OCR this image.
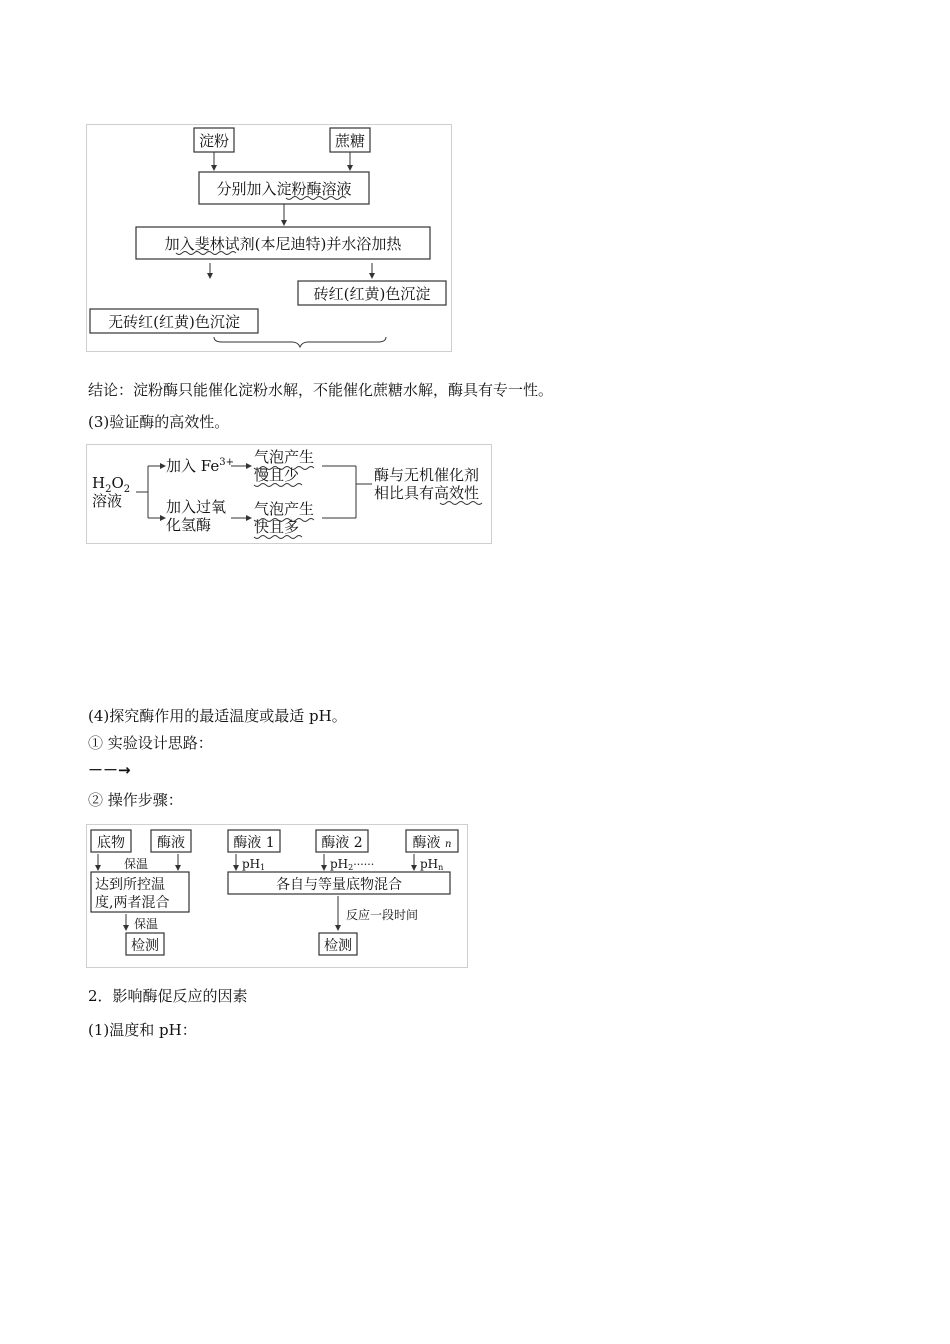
淀粉	蔗糖
分别加入淀粉酶溶液
加入斐林试剂(本尼迪特)并水浴加热
砖红(红黄)色沉淀
无砖红(红黄)色沉淀
结论：淀粉酶只能催化淀粉水解，不能催化蔗糖水解，酶具有专一性。
(3)验证酶的高效性。
$H_2O_2$
溶液
加入 $Fe^{3+}$ 气泡产生
慢且少
加入过氧
化氢酶
气泡产生
快且多
酶与无机催化剂
相比具有高效性
(4)探究酶作用的最适温度或最适 pH。
① 实验设计思路：
－－→
② 操作步骤：
底物 酶液
保温
达到所控温
度,两者混合
保温
检测
酶液 1	酶液 2	酶液 n
pH1	pH2······	pHn
各自与等量底物混合
反应一段时间
检测
2．影响酶促反应的因素
(1)温度和 pH：
